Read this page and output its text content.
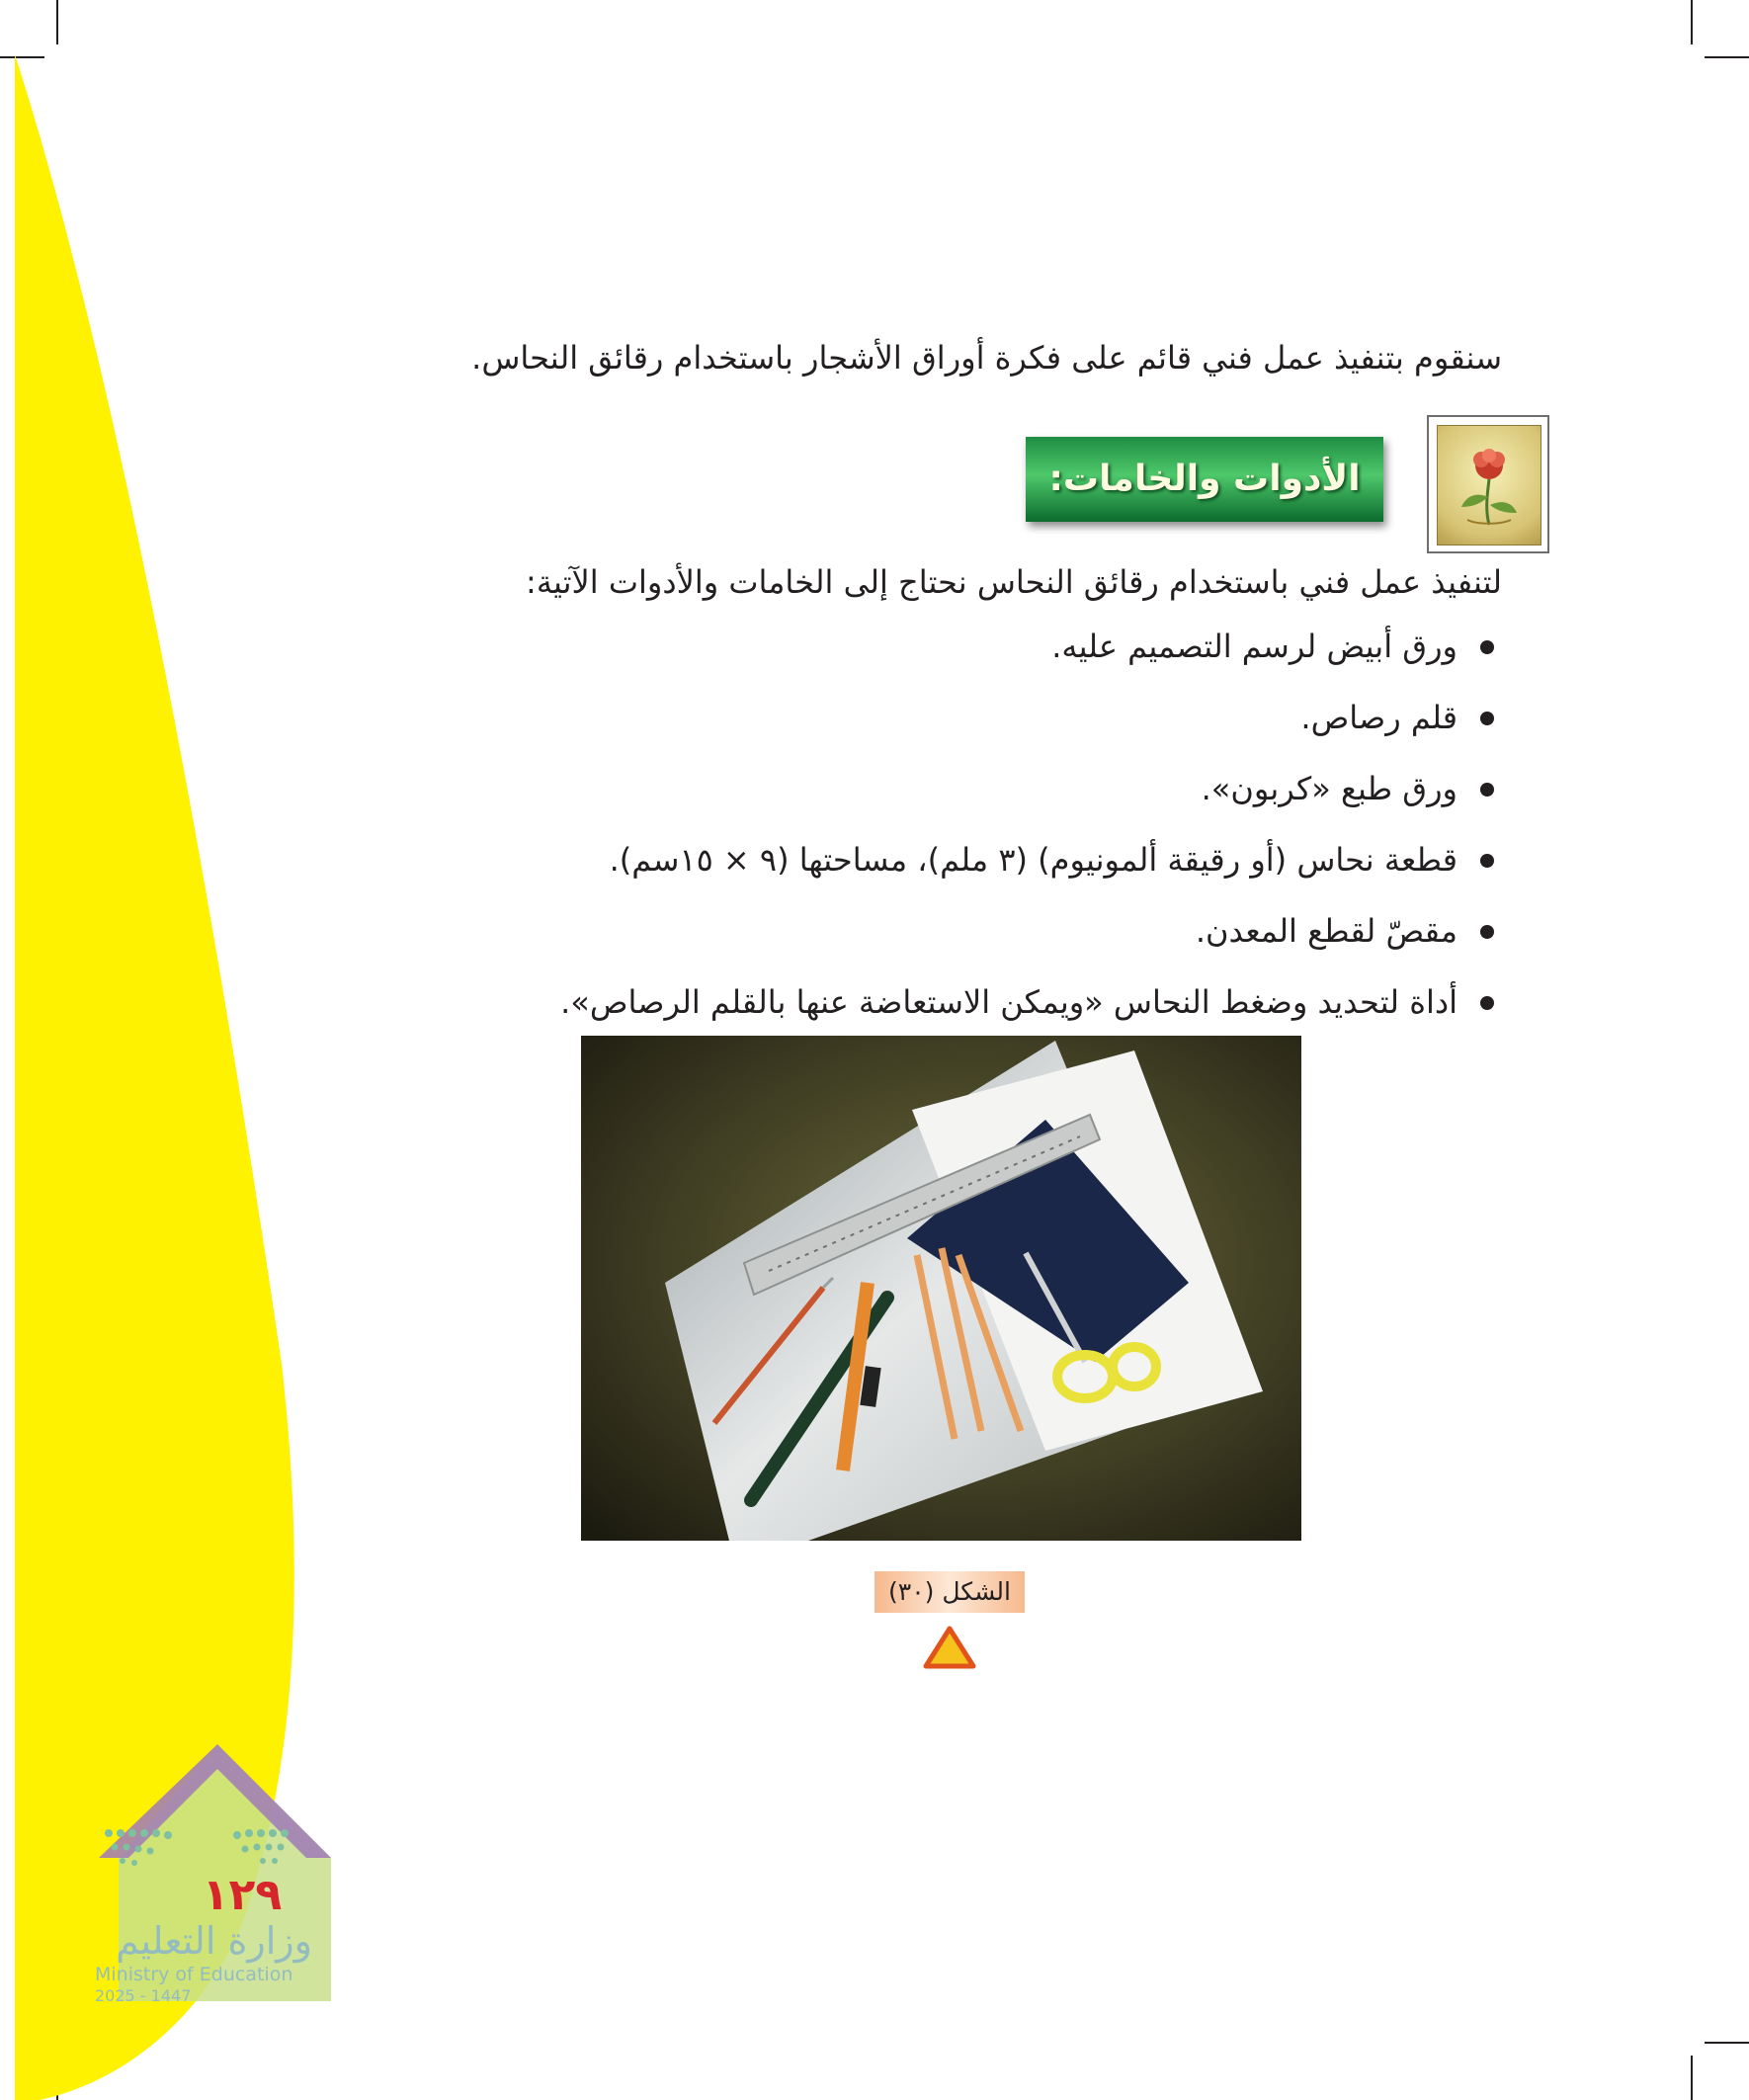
سنقوم بتنفيذ عمل فني قائم على فكرة أوراق الأشجار باستخدام رقائق النحاس.
الأدوات والخامات:
لتنفيذ عمل فني باستخدام رقائق النحاس نحتاج إلى الخامات والأدوات الآتية:
ورق أبيض لرسم التصميم عليه.
قلم رصاص.
ورق طبع «كربون».
قطعة نحاس (أو رقيقة ألمونيوم) (٣ ملم)، مساحتها (٩ × ١٥سم).
مقصّ لقطع المعدن.
أداة لتحديد وضغط النحاس «ويمكن الاستعاضة عنها بالقلم الرصاص».
الشكل (٣٠)
١٢٩
وزارة التعليم
Ministry of Education
2025 - 1447
